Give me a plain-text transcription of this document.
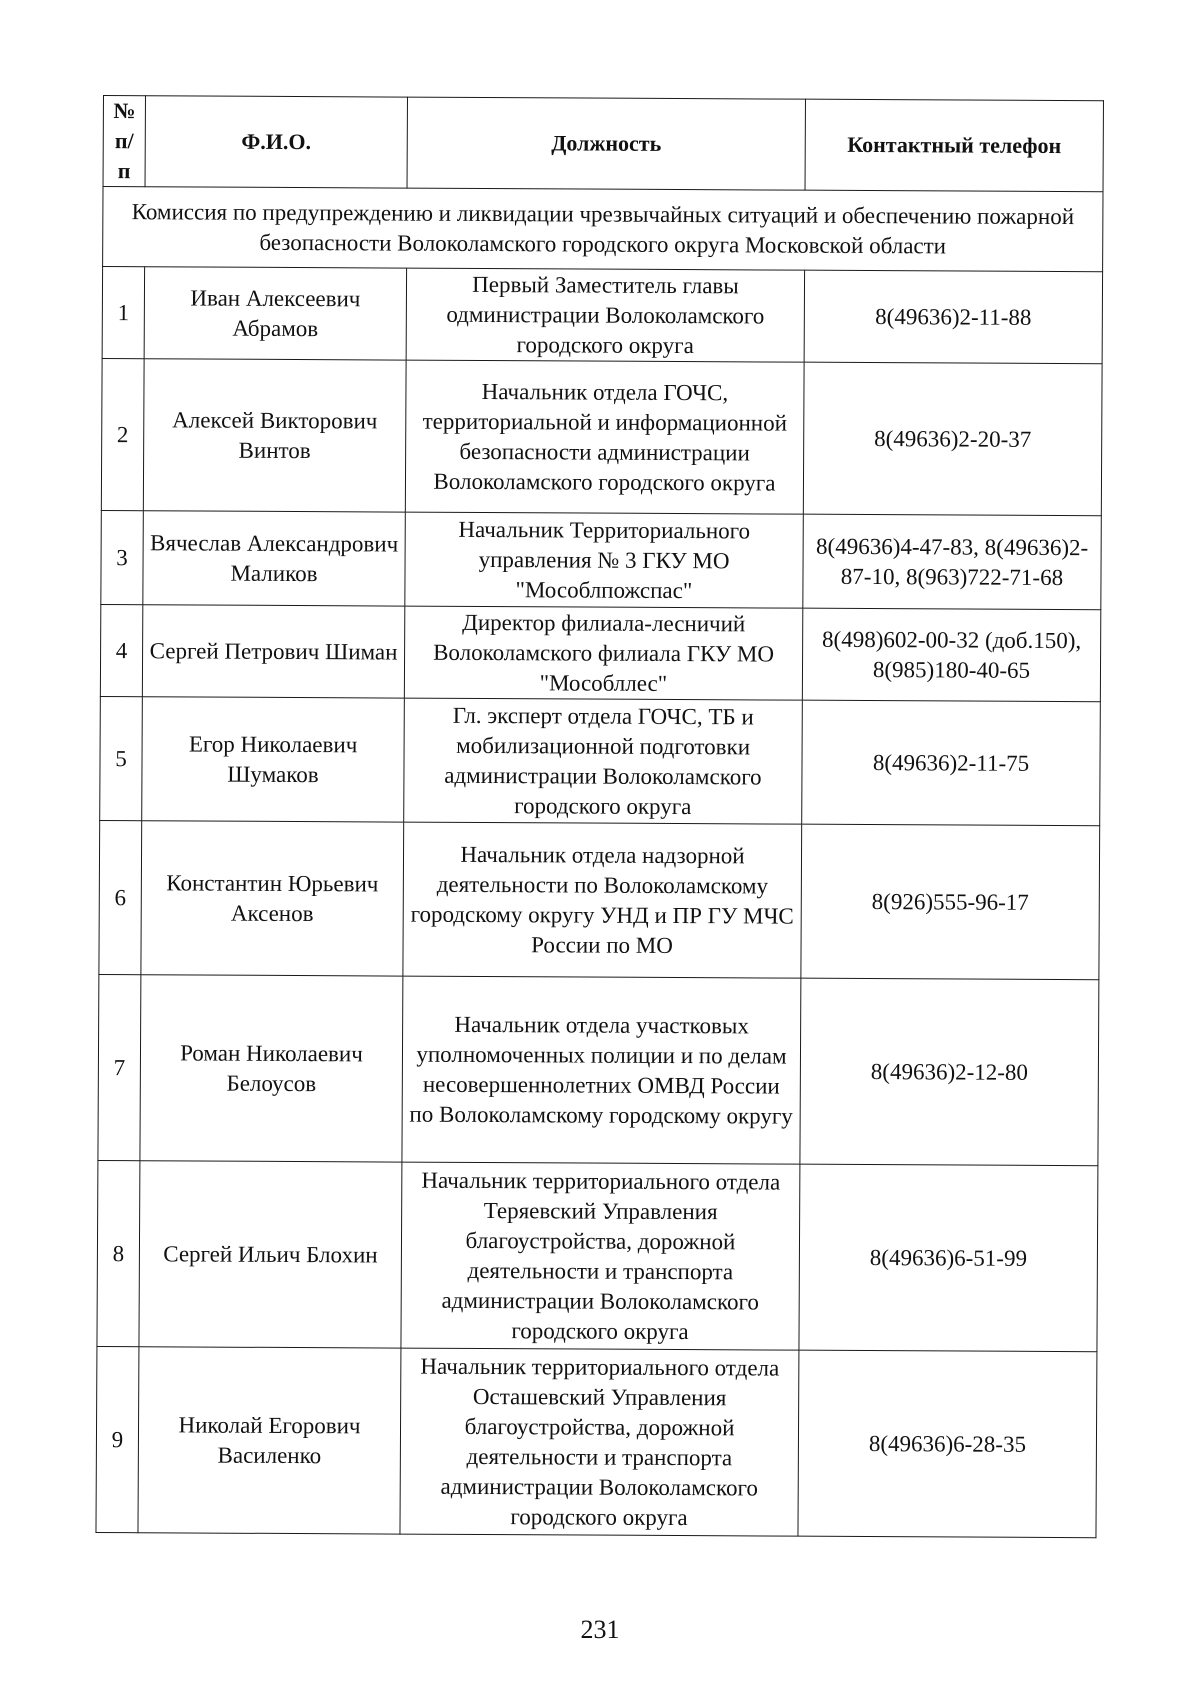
№ п/ п	Ф.И.О.	Должность	Контактный телефон
Комиссия по предупреждению и ликвидации чрезвычайных ситуаций и обеспечению пожарной безопасности Волоколамского городского округа Московской области			
1	Иван Алексеевич Абрамов	Первый Заместитель главы одминистрации Волоколамского городского округа	8(49636)2-11-88
2	Алексей Викторович Винтов	Начальник отдела ГОЧС, территориальной и информационной безопасности администрации Волоколамского городского округа	8(49636)2-20-37
3	Вячеслав Александрович Маликов	Начальник Территориального управления № 3 ГКУ МО "Мособлпожспас"	8(49636)4-47-83, 8(49636)2-87-10, 8(963)722-71-68
4	Сергей Петрович Шиман	Директор филиала-лесничий Волоколамского филиала ГКУ МО "Мособллес"	8(498)602-00-32 (доб.150), 8(985)180-40-65
5	Егор Николаевич Шумаков	Гл. эксперт отдела ГОЧС, ТБ и мобилизационной подготовки администрации Волоколамского городского округа	8(49636)2-11-75
6	Константин Юрьевич Аксенов	Начальник отдела надзорной деятельности по Волоколамскому городскому округу УНД и ПР ГУ МЧС России по МО	8(926)555-96-17
7	Роман Николаевич Белоусов	Начальник отдела участковых уполномоченных полиции и по делам несовершеннолетних ОМВД России по Волоколамскому городскому округу	8(49636)2-12-80
8	Сергей Ильич Блохин	Начальник территориального отдела Теряевский Управления благоустройства, дорожной деятельности и транспорта администрации Волоколамского городского округа	8(49636)6-51-99
9	Николай Егорович Василенко	Начальник территориального отдела Осташевский Управления благоустройства, дорожной деятельности и транспорта администрации Волоколамского городского округа	8(49636)6-28-35
231
